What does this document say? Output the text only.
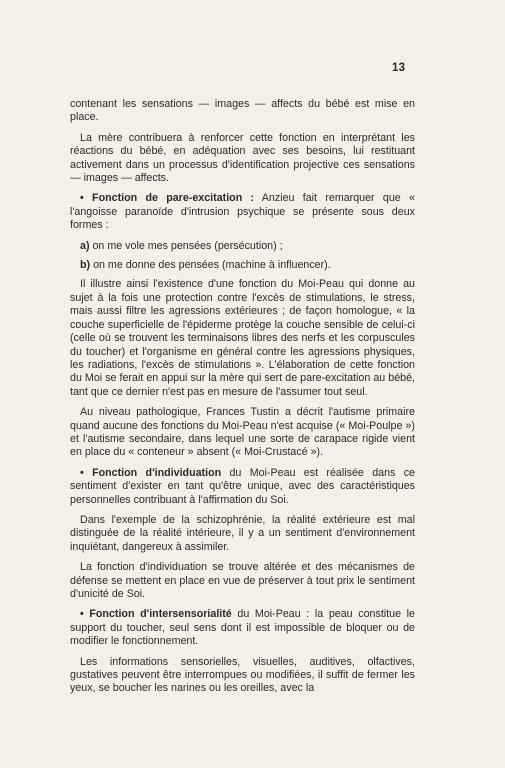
13

contenant les sensations — images — affects du bébé est mise en place.

La mère contribuera à renforcer cette fonction en interprétant les réactions du bébé, en adéquation avec ses besoins, lui restituant activement dans un processus d'identification projective ces sensations — images — affects.

• Fonction de pare-excitation : Anzieu fait remarquer que « l'angoisse paranoïde d'intrusion psychique se présente sous deux formes :

a) on me vole mes pensées (persécution) ;
b) on me donne des pensées (machine à influencer).

Il illustre ainsi l'existence d'une fonction du Moi-Peau qui donne au sujet à la fois une protection contre l'excès de stimulations, le stress, mais aussi filtre les agressions extérieures ; de façon homologue, « la couche superficielle de l'épiderme protège la couche sensible de celui-ci (celle où se trouvent les terminaisons libres des nerfs et les corpuscules du toucher) et l'organisme en général contre les agressions physiques, les radiations, l'excès de stimulations ». L'élaboration de cette fonction du Moi se ferait en appui sur la mère qui sert de pare-excitation au bébé, tant que ce dernier n'est pas en mesure de l'assumer tout seul.

Au niveau pathologique, Frances Tustin a décrit l'autisme primaire quand aucune des fonctions du Moi-Peau n'est acquise (« Moi-Poulpe ») et l'autisme secondaire, dans lequel une sorte de carapace rigide vient en place du « conteneur » absent (« Moi-Crustacé »).

• Fonction d'individuation du Moi-Peau est réalisée dans ce sentiment d'exister en tant qu'être unique, avec des caractéristiques personnelles contribuant à l'affirmation du Soi.

Dans l'exemple de la schizophrénie, la réalité extérieure est mal distinguée de la réalité intérieure, il y a un sentiment d'environnement inquiétant, dangereux à assimiler.

La fonction d'individuation se trouve altérée et des mécanismes de défense se mettent en place en vue de préserver à tout prix le sentiment d'unicité de Soi.

• Fonction d'intersensorialité du Moi-Peau : la peau constitue le support du toucher, seul sens dont il est impossible de bloquer ou de modifier le fonctionnement.

Les informations sensorielles, visuelles, auditives, olfactives, gustatives peuvent être interrompues ou modifiées, il suffit de fermer les yeux, se boucher les narines ou les oreilles, avec la
